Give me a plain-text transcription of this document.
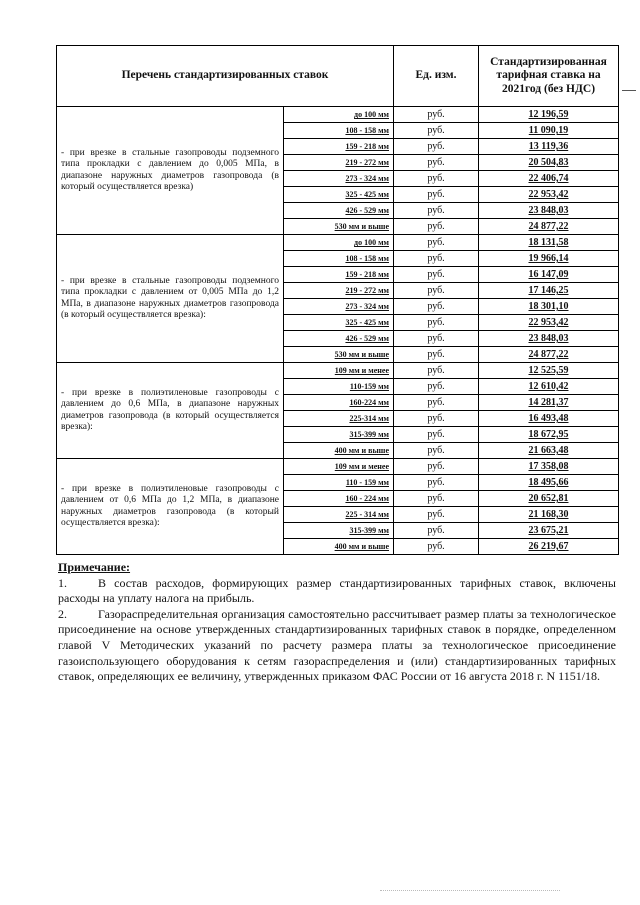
Перечень стандартизированных ставок		Ед. изм.	Стандартизированная тарифная ставка на 2021год (без НДС)
- при врезке в стальные газопроводы подземного типа прокладки с давлением до 0,005 МПа, в диапазоне наружных диаметров газопровода (в который осуществляется врезка)	до 100 мм	руб.	12 196,59
	108 - 158 мм	руб.	11 090,19
	159 - 218 мм	руб.	13 119,36
	219 - 272 мм	руб.	20 504,83
	273 - 324 мм	руб.	22 406,74
	325 - 425 мм	руб.	22 953,42
	426 - 529 мм	руб.	23 848,03
	530 мм и выше	руб.	24 877,22
- при врезке в стальные газопроводы подземного типа прокладки с давлением от 0,005 МПа до 1,2 МПа, в диапазоне наружных диаметров газопровода (в который осуществляется врезка):	до 100 мм	руб.	18 131,58
	108 - 158 мм	руб.	19 966,14
	159 - 218 мм	руб.	16 147,09
	219 - 272 мм	руб.	17 146,25
	273 - 324 мм	руб.	18 301,10
	325 - 425 мм	руб.	22 953,42
	426 - 529 мм	руб.	23 848,03
	530 мм и выше	руб.	24 877,22
- при врезке в полиэтиленовые газопроводы с давлением до 0,6 МПа, в диапазоне наружных диаметров газопровода (в который осуществляется врезка):	109 мм и менее	руб.	12 525,59
	110-159 мм	руб.	12 610,42
	160-224 мм	руб.	14 281,37
	225-314 мм	руб.	16 493,48
	315-399 мм	руб.	18 672,95
	400 мм и выше	руб.	21 663,48
- при врезке в полиэтиленовые газопроводы с давлением от 0,6 МПа до 1,2 МПа, в диапазоне наружных диаметров газопровода (в который осуществляется врезка):	109 мм и менее	руб.	17 358,08
	110 - 159 мм	руб.	18 495,66
	160 - 224 мм	руб.	20 652,81
	225 - 314 мм	руб.	21 168,30
	315-399 мм	руб.	23 675,21
	400 мм и выше	руб.	26 219,67

Примечание:

1.	В состав расходов, формирующих размер стандартизированных тарифных ставок, включены расходы на уплату налога на прибыль.

2.	Газораспределительная организация самостоятельно рассчитывает размер платы за технологическое присоединение на основе утвержденных стандартизированных тарифных ставок в порядке, определенном главой V Методических указаний по расчету размера платы за технологическое присоединение газоиспользующего оборудования к сетям газораспределения и (или) стандартизированных тарифных ставок, определяющих ее величину, утвержденных приказом ФАС России от 16 августа 2018 г. N 1151/18.
